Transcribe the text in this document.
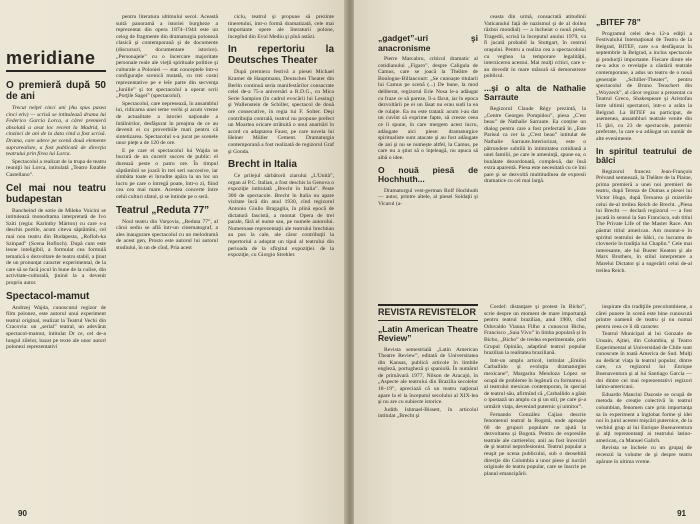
meridiane
O premieră după 50 de ani

Trecut neiţel cinci ani (Au spus pasea cinci etiv) — scrisă se intitulează drama lui Federico Garcia Lorca, a cărei premieră absolută a avut loc recent la Madrid, la cinzinci de ani de la data cind a fost scrisă. Drama, care adece pe scenă două elemente suprarealiste, a fost publicată de direcţia teatrului prin firea lui Lorca.

Spectacolul a realizat de la trupa de teatru reuniţii lui Lorca, intitulată „Teatro Estable Castellano”.

Cel mai nou teatru budapestan

Bancheind de sotie de Mileko Voicini se intitulează monodrama interpretată de Ivo Sziti (regia: Karinthy Márton) cu care s-a deschis portile, acum citeva săptămîni, cel mai nou teatru din Budapesta, „Rofloh-ka Színpad” (Scena Rofloch). După cum este lesne inteligibil, a formulat cea formulă tematică o dezvoltare de teatru stabil, a ţinut de un pronunţat caracter experimental, de la care să se facă jocul în bune de la culise, din activitate-culturală, ţinind la a devenit propriu autor.

Spectacol-mamut

Andrzej Wajda, cunoscutul regizor de film polonez, este autorul unui experiment teatral original, realizat la Teatrul Vechi din Cracovia: un „serial” teatral, un adevărat spectacol-mamut, intitulat Dr ce, cel de-a lungul zilelor, bazat pe texte ale unor autori polonezi reprezentativi

pentru literatura ultimului secol. Această suită panoramă a istoriei burgheze a reprezentat din opera 1874–1944 este un celog de fragmente din dramaturgia poloneză clasică şi contemporană şi de documente (discursuri, documentare istorice). „Personajele” cu o încercare majoritate personale reale ale vieţii spirituale politice şi culturale a Poloniei — stat conceptele într-o configuraţie scenică mutată, cu trei cosni reprezentative pe e leîe parte din secvenţa „Iunilie” şi tot spectacolul a operat scrii „Porţile Sagei” (spectacolul).

Spectacolul, care nepresează, în ansamblul lui, ridicarea unei teme vechi şi acum vreme de actualitate a istoriei naţionale a întâlnirilor, desfăşurat în preajma de ce au devenit ei cu proverbiile mari pentru că sintetizarea. Spectacolul s-a jucat pe scenele unor pieţe a de 120 de ore.

E pe care el spectacolul lui Wajda se bucură de un cucerit succes de public: el durează peste o patru ore. În timpul săptămînii se joacă în trei seri succesive, iar sîmbăta toate ei înrudite apăra la un loc un lucru pe care o întregă poate, într-o zi, fiind cea cea mai mare. Acestea concerte între cehii culturi sfatul, și se întinde pe o seră.

Teatrul „Reduta 77”

Noul teatru din Varșovia, „Reduta 77”, al cărui sediu se află într-un cinematograf, a ales inaugurare spectacolul cu un melodramă de acest gen, Prosto este autorul lui autorul studiului, în un de cînd, Pria acest

ciclu, teatrul şi propune să prezinte tineretului, intr-o formă dramatizată, cele mai importante opere ale literaturii polone, începînd din Evul Mediu şi pînă astăzi.

In repertoriu la Deutsches Theater

După premiera festivă a piesei Michael Kramer de Hauptmann, Deutsches Theater din Berlin continuă seria manifestărilor consacrate celei de-a 75-a aniversări a R.D.G., cu Mica Serie Sampion (în cadrul evocării lui Lessing) şi Wallenstein de Schiller, spectacol de două ore consecutive, în regia lui F. Solter. Deşi contribuţia contrală, teatrul nu propune prefect un Moartea oricare strătuită o unui anaritări în acord cu adaptarea Faust, pe care nuvela lui Heiner Müller Cement. Dramaturgia contemporană a fost realizată de regizorul Graf şi Gonda.

Brecht in Italia

Ce prilejul sărbătorii ziarului „L'Unità”, organ al P.C. Italian, a fost deschis la Genova o expoziţie intitulată „Brecht în Italia”. Peste 300 de spectacole. Brecht în Italia nu apare vizitate încă din anul 1930, cînd regizorul Antonio Giulio Bragaglia, în plină epocă de dictatură fascistă, a montat Opera de trei parale, fără el nume sau, pe numele autorului. Numeroase reprezentaţii ale teatrului brechtian au pus la cale, ale căror contribuţii la repertoriul a adoptat un tipul al teatrului din perioada de la sfîrşitul expoziţiei. de la expoziţie, cu Giorgio Strehler.

90
„gadget”-uri şi anacronisme

Pierre Marcabru, criticul dramatic al cotidianului „Figaro”, despre Caligula de Camus, care se joacă la Théâtre de Boulogne-Billancourt: „Se cunoaște titularii lui Camus pe scenă (...) De bune, la mod deliberat, regizorul Erie Nosa le-a adăugat cu fraze ce să pareze, îi-a făcut, iar în epoca dezvoltării pe ei un lăsat nu erau sudi la ea de rulajte. Ea nu este tratată: acum l-au dat un cuvînt să exprime fapte, să creeze ceea ce îi spune, în care mergem acest lucru, adăugate aici piese: dramaturgice spiritualiste sunt atacate şi au fost adăugate de ani şi nu se numește altfel, la Camus, pe care nu a ştiut să o înţeleagă, nu apuca să aibă o idee.

O nouă piesă de Hochhuth...

Dramaturgul vest-german Rolf Hochhuth — autor, printre altele, al piesei Soldaţii şi Vicarul (a-

ceasta din urmă, consacrată atitudinii Vaticanului față de nazismul şi de al doilea război mondial) — a încheiat o nouă piesă, Tragedii, scrisă la începutul anului 1979, va fi jucată probabil la Stuttgart, în centrul oraşului. Pentru a realiza cea a spectacolului cu veghea la temporare legalităţii, interzicerea acestui. Mai mulţi critici, care s-au dovedit în mare măsură să demonstreze publicul.

...şi o alta de Nathalie Sarraute

Regizorul Claude Régy prezintă, la „Centre Georges Pompidou”, piesa „C'est beau” de Nathalie Sarraute. Ea conține un dialog pentru care a fost prefectată în „Este Parisul ca cer la „C'est beau” intitulat de Nathalie Sarraute.Interiorizat, este o pătrundere subtilă în intimitatea cotidiană a unei familii, pe care le ameninţă, spune ea, o bunătate dezordonată, complexă, dar însă extra aparentă. Piesa este necesitată cu ce îmi pare şi se dezvoltă multitudinea de expresii dramatice cu cel mai largă.

„BITEF 78”

Programul celei de-a 12-a ediţii a Festivalului Internaţional de Teatru de la Belgrad, BITEF, care s-a desfăşurat în septembrie la Belgrad, a inclus spectacole şi producţii importante. Fiecare dintre ele ne-a adus o revelaţie a căutării teatrale contemporane, a adus un teatru de o nouă generaţie „Schiller-Theater”, pentru spectacolul de Bruno Tenschert din „Woyzeck”, al căror regizor a prezentat ca Teatrul Greco, Shakespeare şi Aristofan între ultimii spectatori, intr-o a arăta la Belgrad. La BITEF au participat, de asemenea, ansambluri teatrale venite din 15 ţări, cu 23 de spectacole, puternic preferate, la care s-a adăugat un număr de alte evenimente.

In spiritul teatrului de bâlci

Regizorul francez Jean-François Prévand semnează, la Théâtre de la Plaine, prima premieră a unei noi premieri de teatru, după Tereza de Dumas a piesei lui Victor Hugo, după Teroarea şi mizeriile celui de-al treilea Reich de Brecht. „Piesa lui Brecht — declară regizorul — a fost jucată în sensul la San Francisco, sub titlul The Private Life of the Master Race. Am păstrat titlul american. Am montat-o în spiritul teatrului de bâlci, cu lucrarea de clovnerie în tradiţia lui Chaplin.” Cele mai interesante, ale lui Buster Keaton şi ale Marx Brothers, în stilul interpretare a Marelui Dictator şi a sugerării celui de-al treilea Reich.

REVISTA REVISTELOR
„Latin American Theatre Review”

Revista semestrială „Latin American Theatre Review”, editată de Universitatea din Kansas, publică articole în limbile engleză, portugheză şi spaniolă. În numărul de primăvară 1977, Nilson de Aracajú, în „Aspecte ale teatrului din Brazilia secolelor 18–19”, apreciază că un teatru naţional apare la el la începutul secolului al XIX-lea şi nu are cu subiecte istorice.

Judith Ishmael-Bissett, în articolul intitulat „Brecht şi

Cordel: distanţare şi protest în Bicho”, scrie despre un moment de mare importanţă pentru teatrul brazilian, anul 1960, cînd Oduvaldo Vianna Filho a cunoscut Bicho, Francisco „Saia Vivo” în limba populară și în Bicho, „Bicho” de tredea experimentale, prin Grupul Opinião, adaptînd teatrul popular brazilian la realitatea braziliană.

Intr-un amplu articol, intitulat „Emilio Carballido și evoluţia dramaturgiei mexicane”, Margarita Mendoza López se ocupă de probleme în legătură cu formarea și al teatrului mexican contemporan, în special de teatrul său, afirmînd că „Carballido a găsit o ipostază un amplu ca şi un stil, pe care şi-a urmărit viaţa, devenind puternic şi uimitor”.

Fernando González Cajiao descrie fenomenul teatral la Bogotá, unde aproape 60 de grupuri populare ne ajută la dezvoltarea şi Bogotá. Pentru de expresiile teatrale ale cartierelor, anii au fost încercări de şi teatrul neprofesionist. Teatrul popular a reuşit pe scena publicului, sub o deosebită direcţie din Columbia a unor piese şi lucrări originale de teatru popular, care se înscrie pe planul emancipării.

inspirate din tradiţiile precolumbiene, a cărei punere în scenă este bine cunoscută printre oamenii de teatru şi nu numai pentru ceea ce îi dă caracter.

Teatrul Municipal al lui Gonzalo de Unsain, Ajtiei, din Columbia, şi Teatro Experimental al Universidad de Chile sunt cunoscute în toată America de Sud. Mulţi au dedicat viaţa la teatrul popular, dintre care, ca regizorul lui Enrique Buenaventura şi al lui Santiago García — doi dintre cei mai reprezentativi regizori latino-americani.

Eduardo Mancini Dazosie se ocupă de metoda de creaţie colectivă în teatrul columbian, fenomen care prin importanţa sa în experiment a înglobat forme şi idei noi în jurul acestei mişcări puternice, de la vechiul grup al lui Enrique Buenaventura şi alţi reprezentanţi ai teatrului latino-american, ca Manuel Galich.

Revista se încheie cu un grupaj de recenzii la volume de şi despre teatru apărute în ultima vreme.

91
